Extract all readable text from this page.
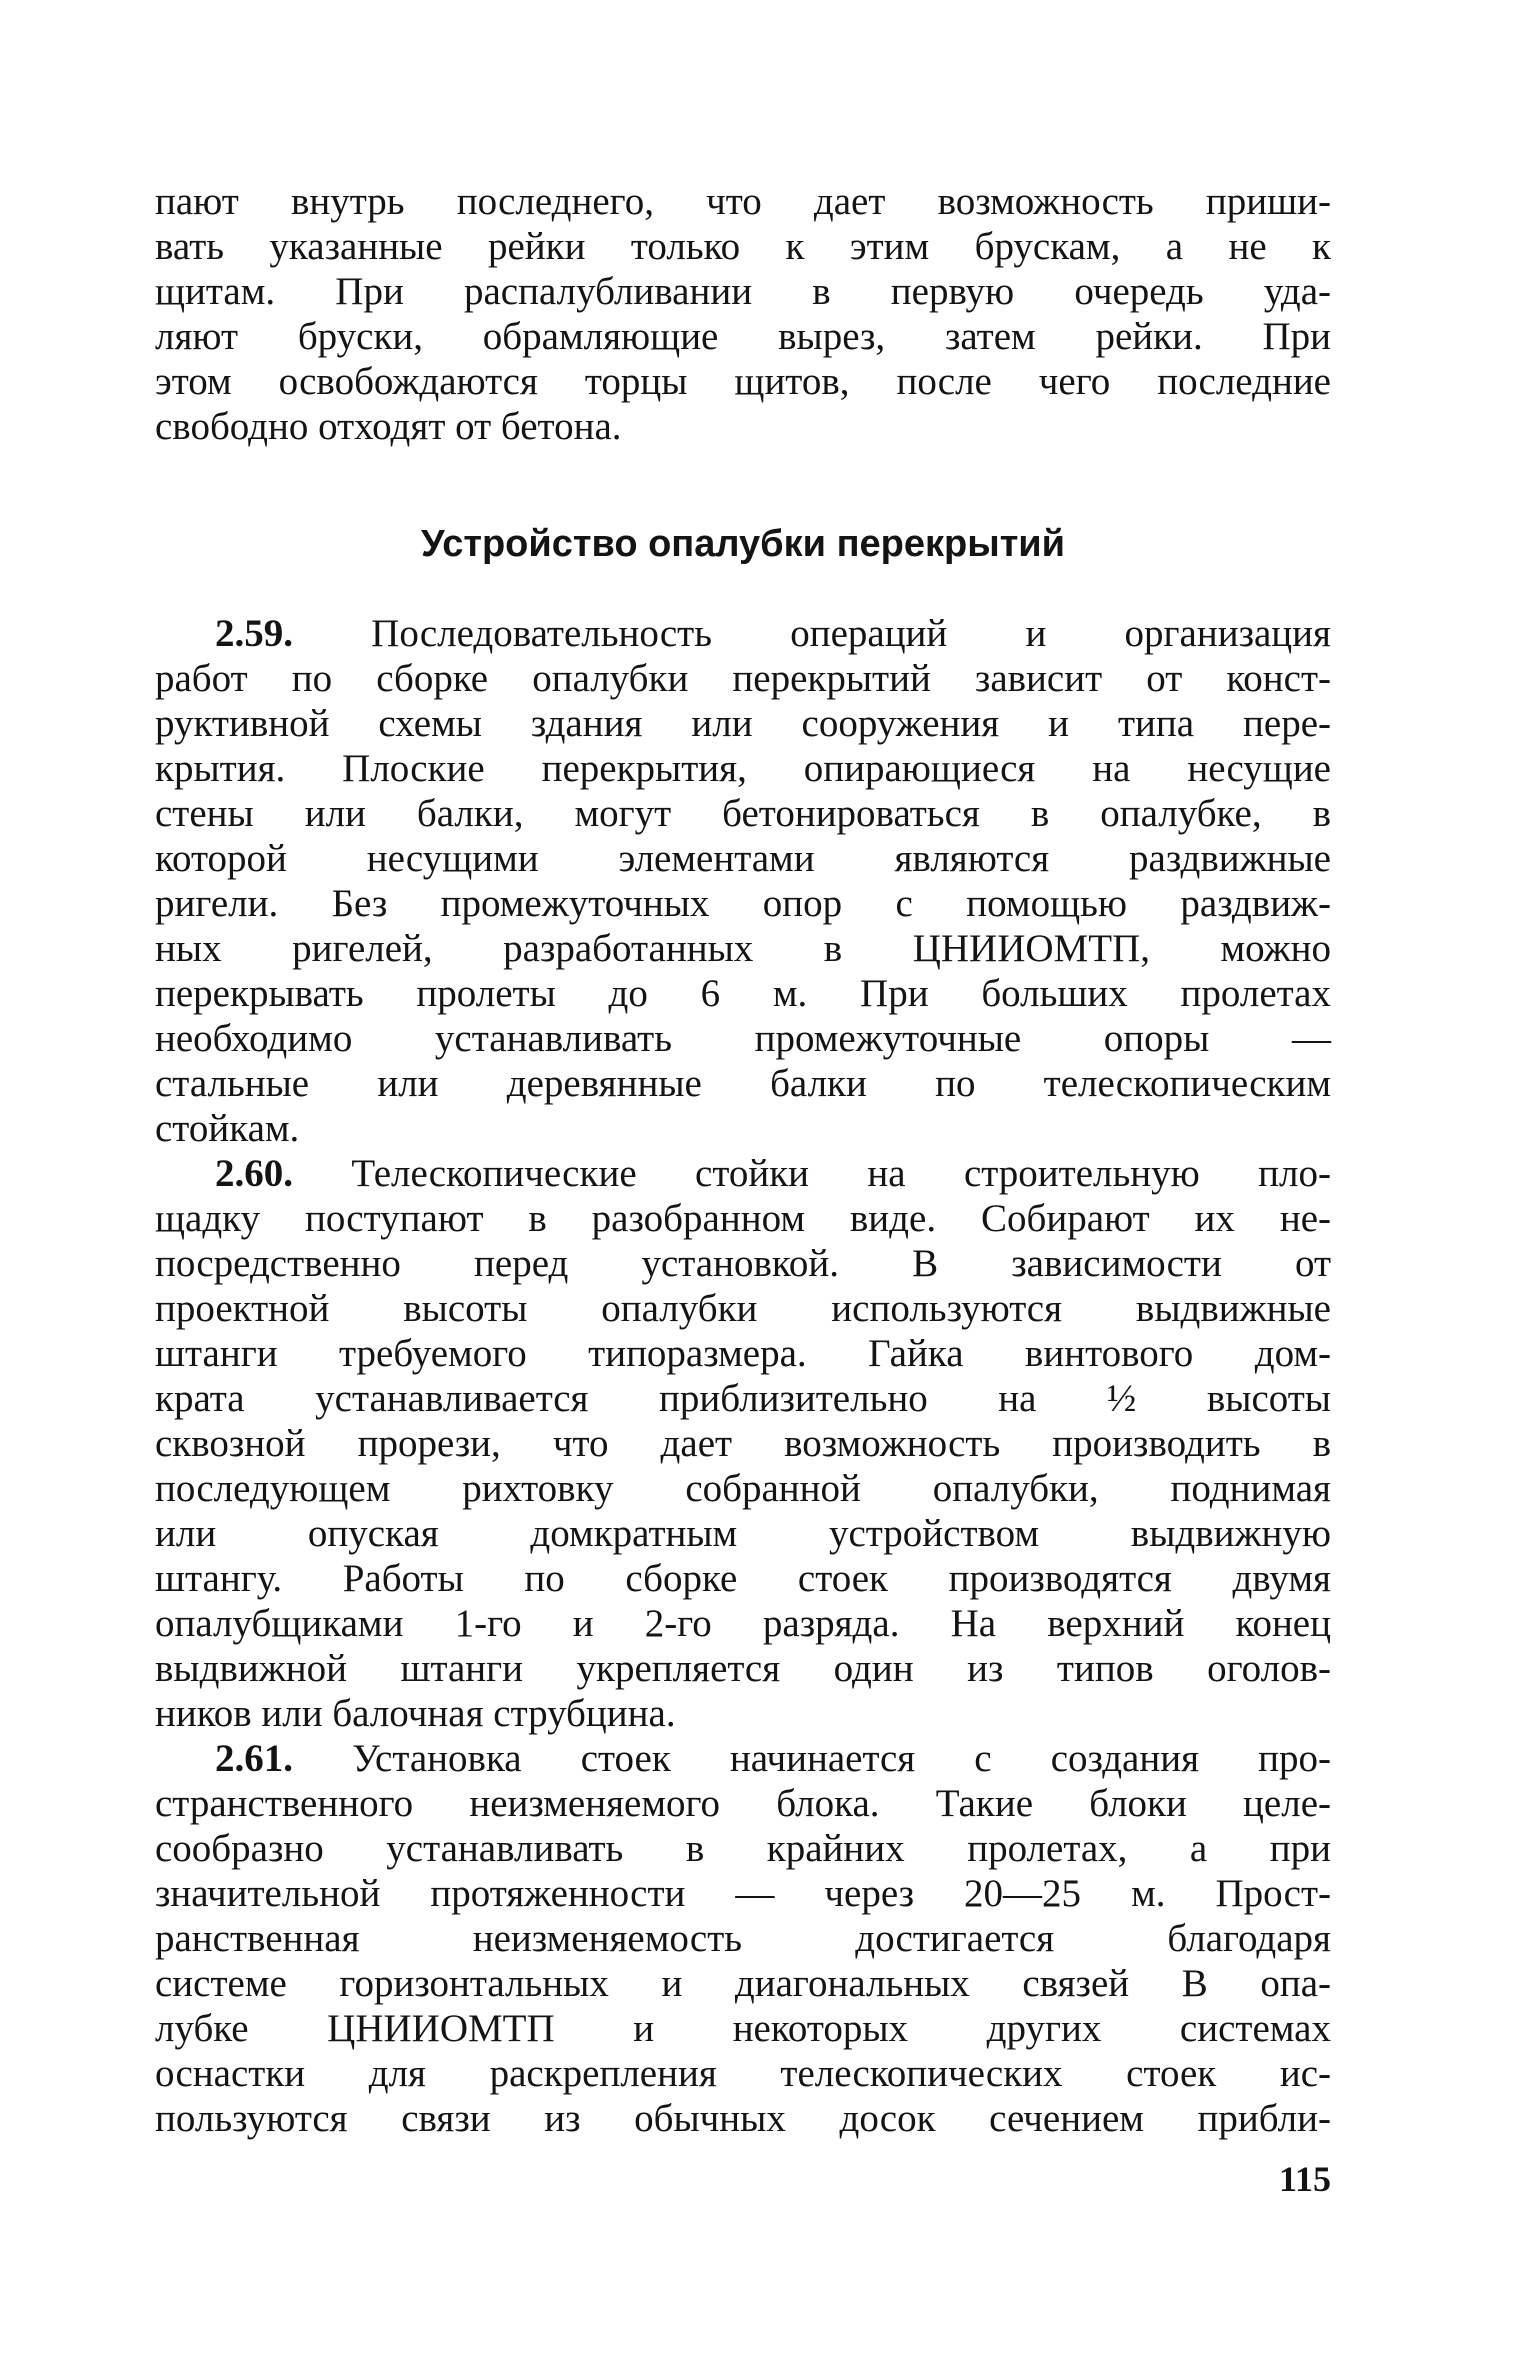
пают внутрь последнего, что дает возможность приши-
вать указанные рейки только к этим брускам, а не к
щитам. При распалубливании в первую очередь уда-
ляют бруски, обрамляющие вырез, затем рейки. При
этом освобождаются торцы щитов, после чего последние
свободно отходят от бетона.
Устройство опалубки перекрытий
2.59. Последовательность операций и организация
работ по сборке опалубки перекрытий зависит от конст-
руктивной схемы здания или сооружения и типа пере-
крытия. Плоские перекрытия, опирающиеся на несущие
стены или балки, могут бетонироваться в опалубке, в
которой несущими элементами являются раздвижные
ригели. Без промежуточных опор с помощью раздвиж-
ных ригелей, разработанных в ЦНИИОМТП, можно
перекрывать пролеты до 6 м. При больших пролетах
необходимо устанавливать промежуточные опоры —
стальные или деревянные балки по телескопическим
стойкам.
2.60. Телескопические стойки на строительную пло-
щадку поступают в разобранном виде. Собирают их не-
посредственно перед установкой. В зависимости от
проектной высоты опалубки используются выдвижные
штанги требуемого типоразмера. Гайка винтового дом-
крата устанавливается приблизительно на ½ высоты
сквозной прорези, что дает возможность производить в
последующем рихтовку собранной опалубки, поднимая
или опуская домкратным устройством выдвижную
штангу. Работы по сборке стоек производятся двумя
опалубщиками 1-го и 2-го разряда. На верхний конец
выдвижной штанги укрепляется один из типов оголов-
ников или балочная струбцина.
2.61. Установка стоек начинается с создания про-
странственного неизменяемого блока. Такие блоки целе-
сообразно устанавливать в крайних пролетах, а при
значительной протяженности — через 20—25 м. Прост-
ранственная неизменяемость достигается благодаря
системе горизонтальных и диагональных связей В опа-
лубке ЦНИИОМТП и некоторых других системах
оснастки для раскрепления телескопических стоек ис-
пользуются связи из обычных досок сечением прибли-
115
